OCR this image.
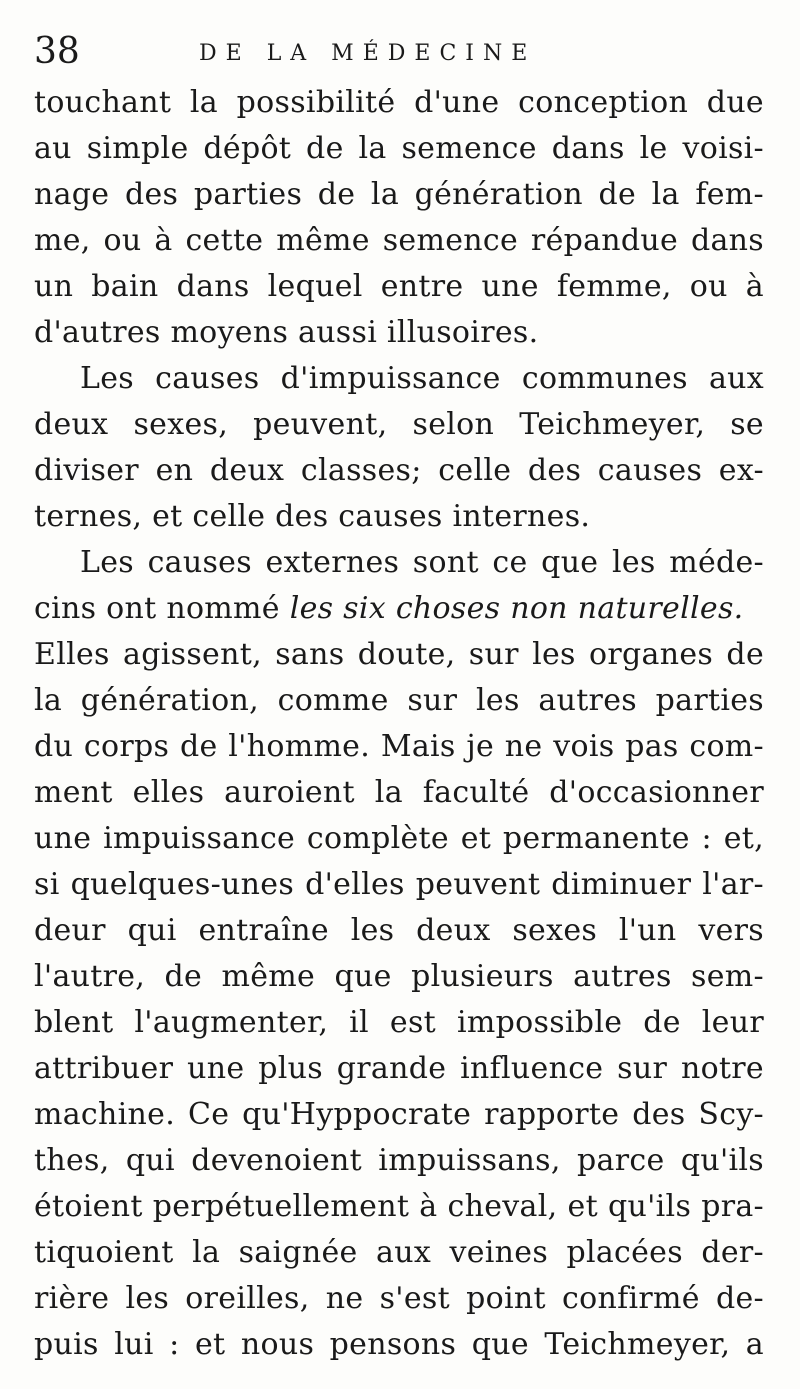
38	DE LA MÉDECINE
touchant la possibilité d'une conception due
au simple dépôt de la semence dans le voisi-
nage des parties de la génération de la fem-
me, ou à cette même semence répandue dans
un bain dans lequel entre une femme, ou à
d'autres moyens aussi illusoires.
Les causes d'impuissance communes aux
deux sexes, peuvent, selon Teichmeyer, se
diviser en deux classes; celle des causes ex-
ternes, et celle des causes internes.
Les causes externes sont ce que les méde-
cins ont nommé les six choses non naturelles.
Elles agissent, sans doute, sur les organes de
la génération, comme sur les autres parties
du corps de l'homme. Mais je ne vois pas com-
ment elles auroient la faculté d'occasionner
une impuissance complète et permanente : et,
si quelques-unes d'elles peuvent diminuer l'ar-
deur qui entraîne les deux sexes l'un vers
l'autre, de même que plusieurs autres sem-
blent l'augmenter, il est impossible de leur
attribuer une plus grande influence sur notre
machine. Ce qu'Hyppocrate rapporte des Scy-
thes, qui devenoient impuissans, parce qu'ils
étoient perpétuellement à cheval, et qu'ils pra-
tiquoient la saignée aux veines placées der-
rière les oreilles, ne s'est point confirmé de-
puis lui : et nous pensons que Teichmeyer, a
